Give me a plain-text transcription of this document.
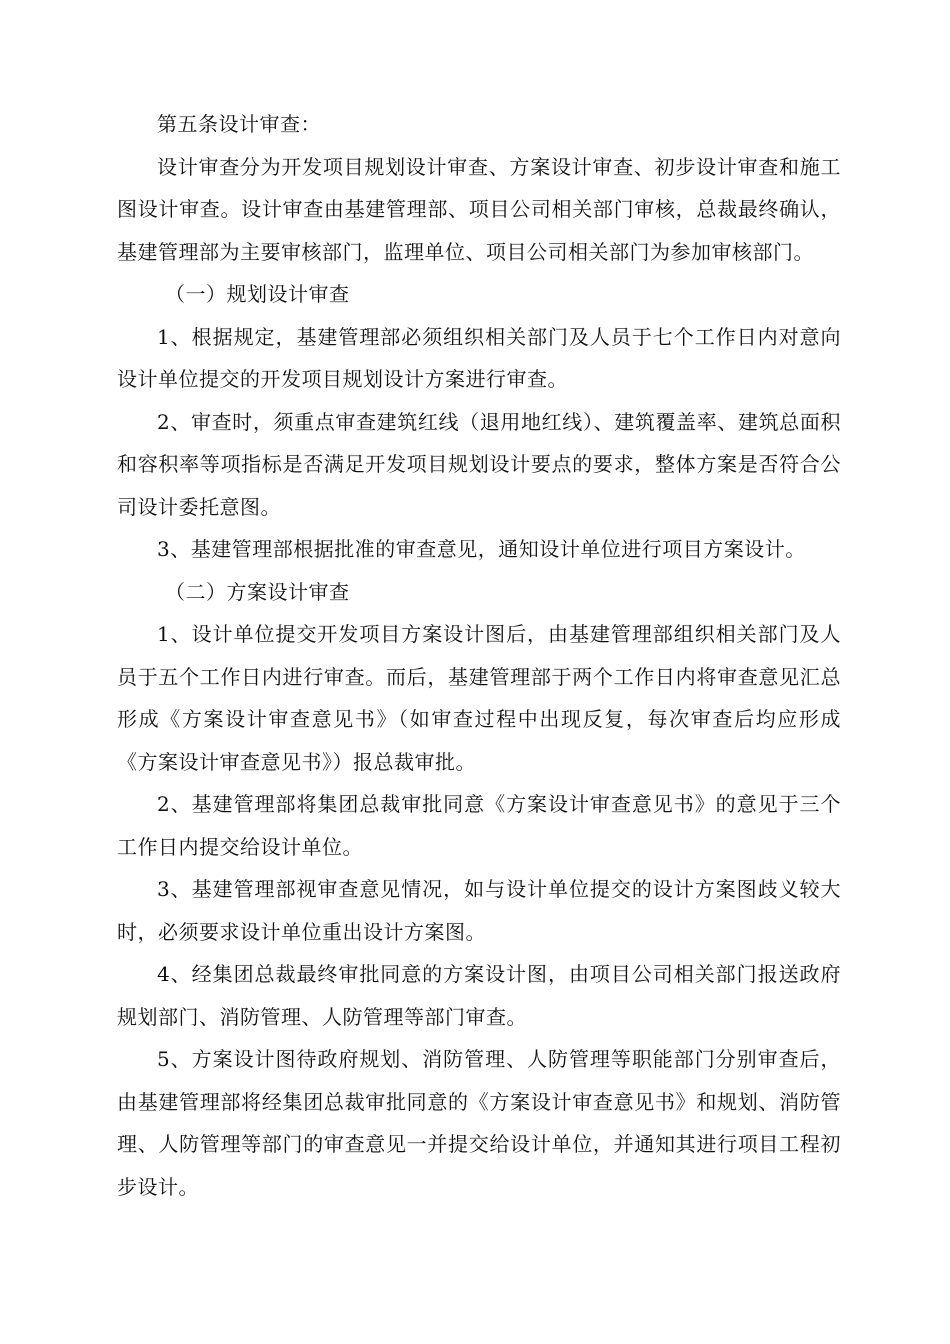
第五条设计审查：

设计审查分为开发项目规划设计审查、方案设计审查、初步设计审查和施工图设计审查。设计审查由基建管理部、项目公司相关部门审核，总裁最终确认，基建管理部为主要审核部门，监理单位、项目公司相关部门为参加审核部门。

（一）规划设计审查

1、根据规定，基建管理部必须组织相关部门及人员于七个工作日内对意向设计单位提交的开发项目规划设计方案进行审查。

2、审查时，须重点审查建筑红线（退用地红线）、建筑覆盖率、建筑总面积和容积率等项指标是否满足开发项目规划设计要点的要求，整体方案是否符合公司设计委托意图。

3、基建管理部根据批准的审查意见，通知设计单位进行项目方案设计。

（二）方案设计审查

1、设计单位提交开发项目方案设计图后，由基建管理部组织相关部门及人员于五个工作日内进行审查。而后，基建管理部于两个工作日内将审查意见汇总形成《方案设计审查意见书》（如审查过程中出现反复，每次审查后均应形成《方案设计审查意见书》）报总裁审批。

2、基建管理部将集团总裁审批同意《方案设计审查意见书》的意见于三个工作日内提交给设计单位。

3、基建管理部视审查意见情况，如与设计单位提交的设计方案图歧义较大时，必须要求设计单位重出设计方案图。

4、经集团总裁最终审批同意的方案设计图，由项目公司相关部门报送政府规划部门、消防管理、人防管理等部门审查。

5、方案设计图待政府规划、消防管理、人防管理等职能部门分别审查后，由基建管理部将经集团总裁审批同意的《方案设计审查意见书》和规划、消防管理、人防管理等部门的审查意见一并提交给设计单位，并通知其进行项目工程初步设计。
